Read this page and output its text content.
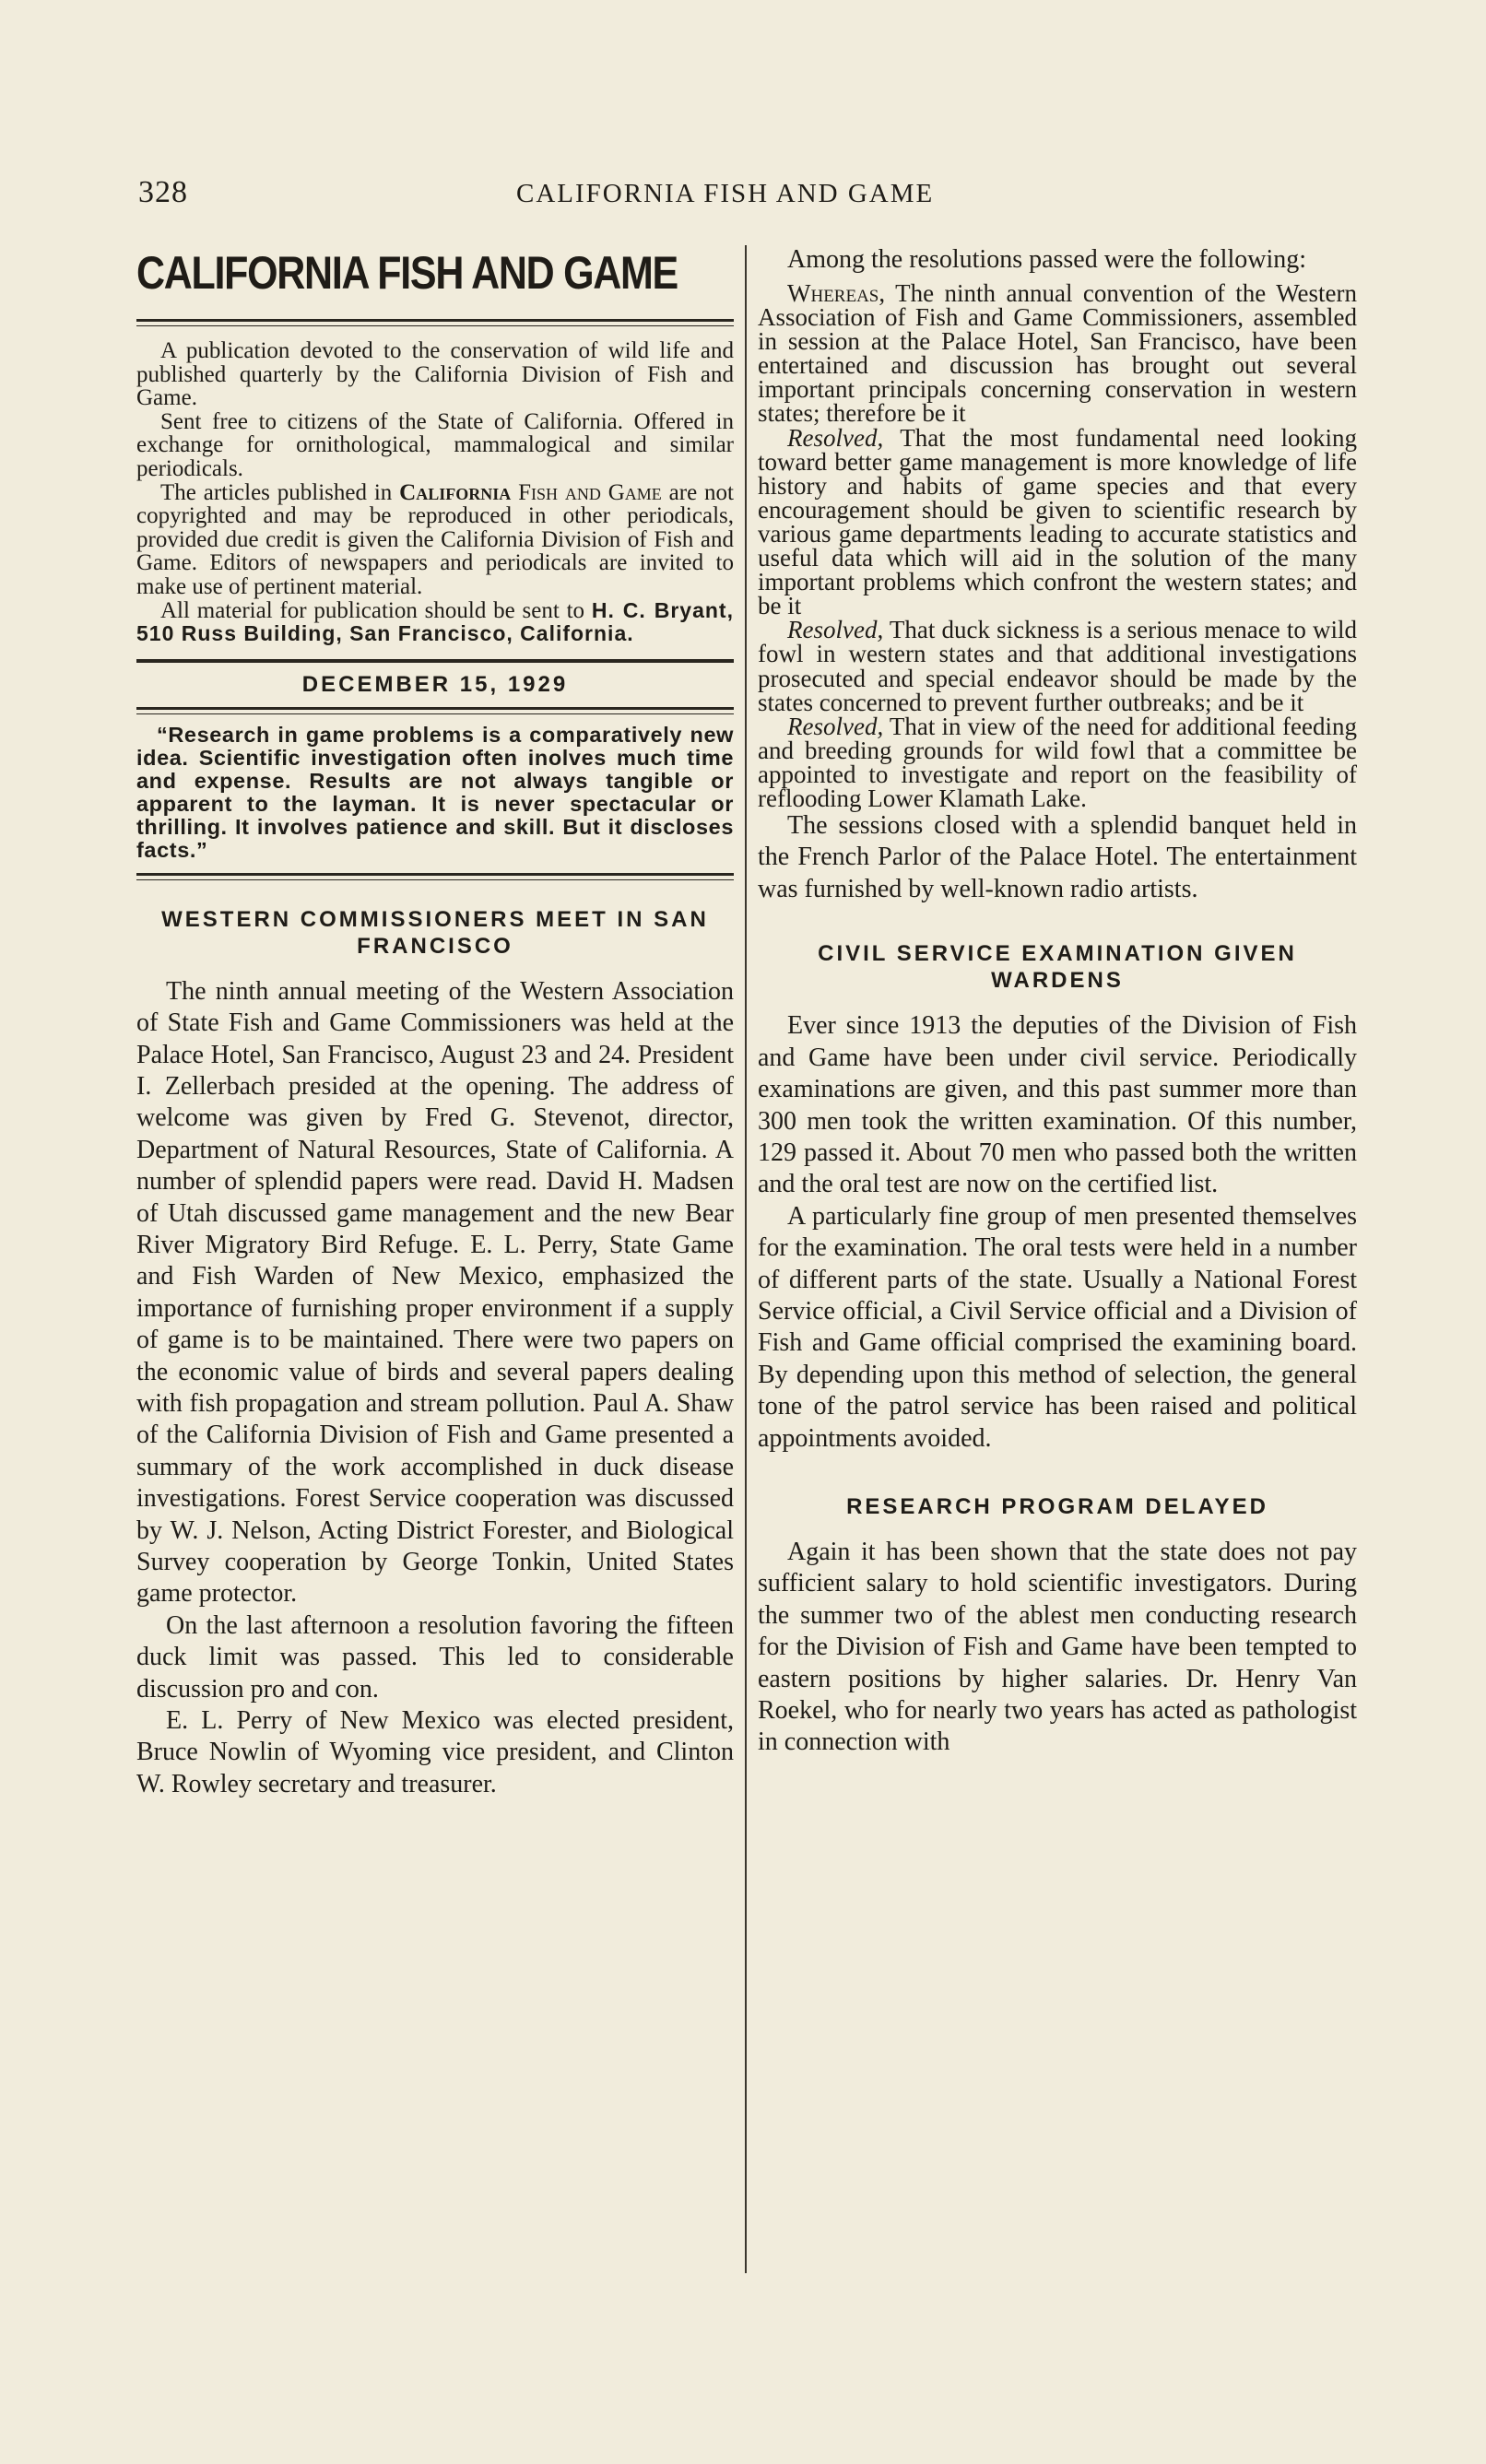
328	CALIFORNIA FISH AND GAME
CALIFORNIA FISH AND GAME

A publication devoted to the conservation of wild life and published quarterly by the California Division of Fish and Game.

Sent free to citizens of the State of California. Offered in exchange for ornithological, mammalogical and similar periodicals.

The articles published in California Fish and Game are not copyrighted and may be reproduced in other periodicals, provided due credit is given the California Division of Fish and Game. Editors of newspapers and periodicals are invited to make use of pertinent material.

All material for publication should be sent to H. C. Bryant, 510 Russ Building, San Francisco, California.

DECEMBER 15, 1929
“Research in game problems is a comparatively new idea. Scientific investigation often inolves much time and expense. Results are not always tangible or apparent to the layman. It is never spectacular or thrilling. It involves patience and skill. But it discloses facts.”
WESTERN COMMISSIONERS MEET IN SAN FRANCISCO

The ninth annual meeting of the Western Association of State Fish and Game Commissioners was held at the Palace Hotel, San Francisco, August 23 and 24. President I. Zellerbach presided at the opening. The address of welcome was given by Fred G. Stevenot, director, Department of Natural Resources, State of California. A number of splendid papers were read. David H. Madsen of Utah discussed game management and the new Bear River Migratory Bird Refuge. E. L. Perry, State Game and Fish Warden of New Mexico, emphasized the importance of furnishing proper environment if a supply of game is to be maintained. There were two papers on the economic value of birds and several papers dealing with fish propagation and stream pollution. Paul A. Shaw of the California Division of Fish and Game presented a summary of the work accomplished in duck disease investigations. Forest Service cooperation was discussed by W. J. Nelson, Acting District Forester, and Biological Survey cooperation by George Tonkin, United States game protector.

On the last afternoon a resolution favoring the fifteen duck limit was passed. This led to considerable discussion pro and con.

E. L. Perry of New Mexico was elected president, Bruce Nowlin of Wyoming vice president, and Clinton W. Rowley secretary and treasurer.

Among the resolutions passed were the following:

Whereas, The ninth annual convention of the Western Association of Fish and Game Commissioners, assembled in session at the Palace Hotel, San Francisco, have been entertained and discussion has brought out several important principals concerning conservation in western states; therefore be it

Resolved, That the most fundamental need looking toward better game management is more knowledge of life history and habits of game species and that every encouragement should be given to scientific research by various game departments leading to accurate statistics and useful data which will aid in the solution of the many important problems which confront the western states; and be it

Resolved, That duck sickness is a serious menace to wild fowl in western states and that additional investigations prosecuted and special endeavor should be made by the states concerned to prevent further outbreaks; and be it

Resolved, That in view of the need for additional feeding and breeding grounds for wild fowl that a committee be appointed to investigate and report on the feasibility of reflooding Lower Klamath Lake.

The sessions closed with a splendid banquet held in the French Parlor of the Palace Hotel. The entertainment was furnished by well-known radio artists.

CIVIL SERVICE EXAMINATION GIVEN WARDENS

Ever since 1913 the deputies of the Division of Fish and Game have been under civil service. Periodically examinations are given, and this past summer more than 300 men took the written examination. Of this number, 129 passed it. About 70 men who passed both the written and the oral test are now on the certified list.

A particularly fine group of men presented themselves for the examination. The oral tests were held in a number of different parts of the state. Usually a National Forest Service official, a Civil Service official and a Division of Fish and Game official comprised the examining board. By depending upon this method of selection, the general tone of the patrol service has been raised and political appointments avoided.

RESEARCH PROGRAM DELAYED

Again it has been shown that the state does not pay sufficient salary to hold scientific investigators. During the summer two of the ablest men conducting research for the Division of Fish and Game have been tempted to eastern positions by higher salaries. Dr. Henry Van Roekel, who for nearly two years has acted as pathologist in connection with
